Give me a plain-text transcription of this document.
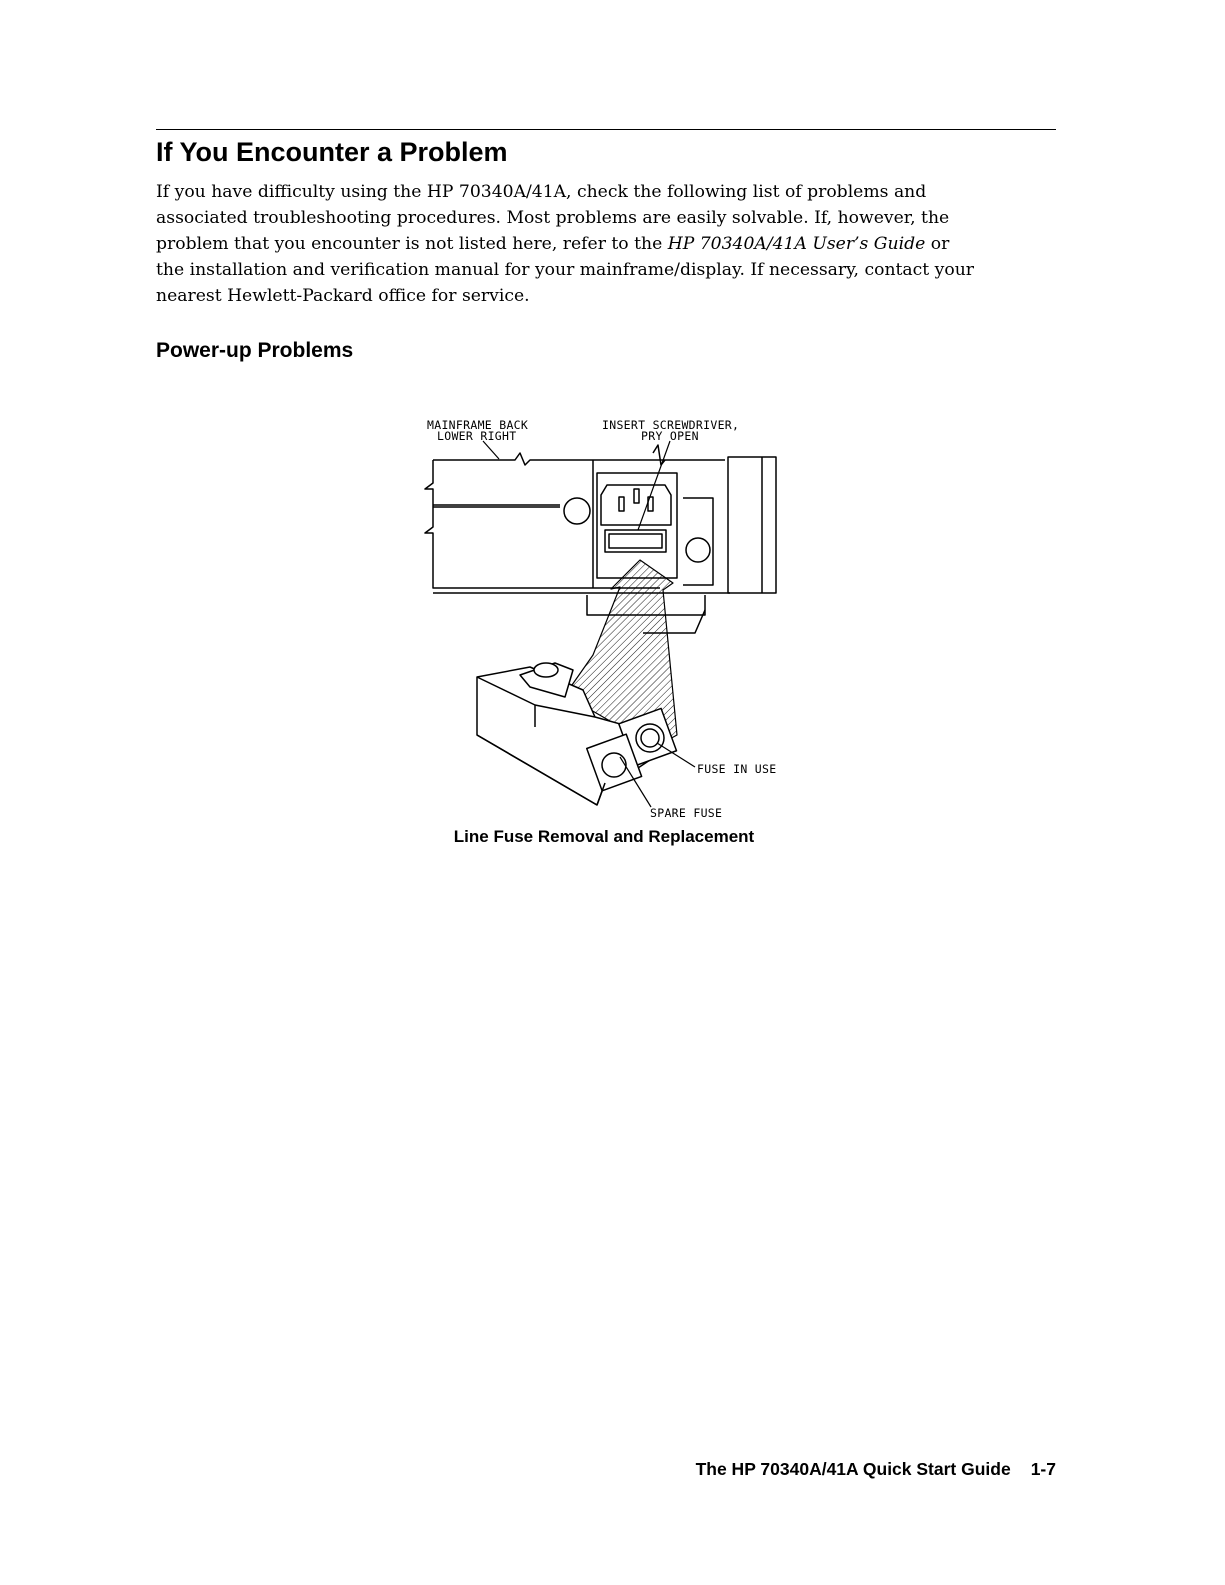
If You Encounter a Problem

If you have difficulty using the HP 70340A/41A, check the following list of problems and
associated troubleshooting procedures. Most problems are easily solvable. If, however, the
problem that you encounter is not listed here, refer to the HP 70340A/41A User’s Guide or
the installation and verification manual for your mainframe/display. If necessary, contact your
nearest Hewlett-Packard office for service.

Power-up Problems
MAINFRAME BACK
LOWER RIGHT
INSERT SCREWDRIVER,
PRY OPEN
FUSE IN USE
SPARE FUSE
Line Fuse Removal and Replacement
The HP 70340A/41A Quick Start Guide 1-7
